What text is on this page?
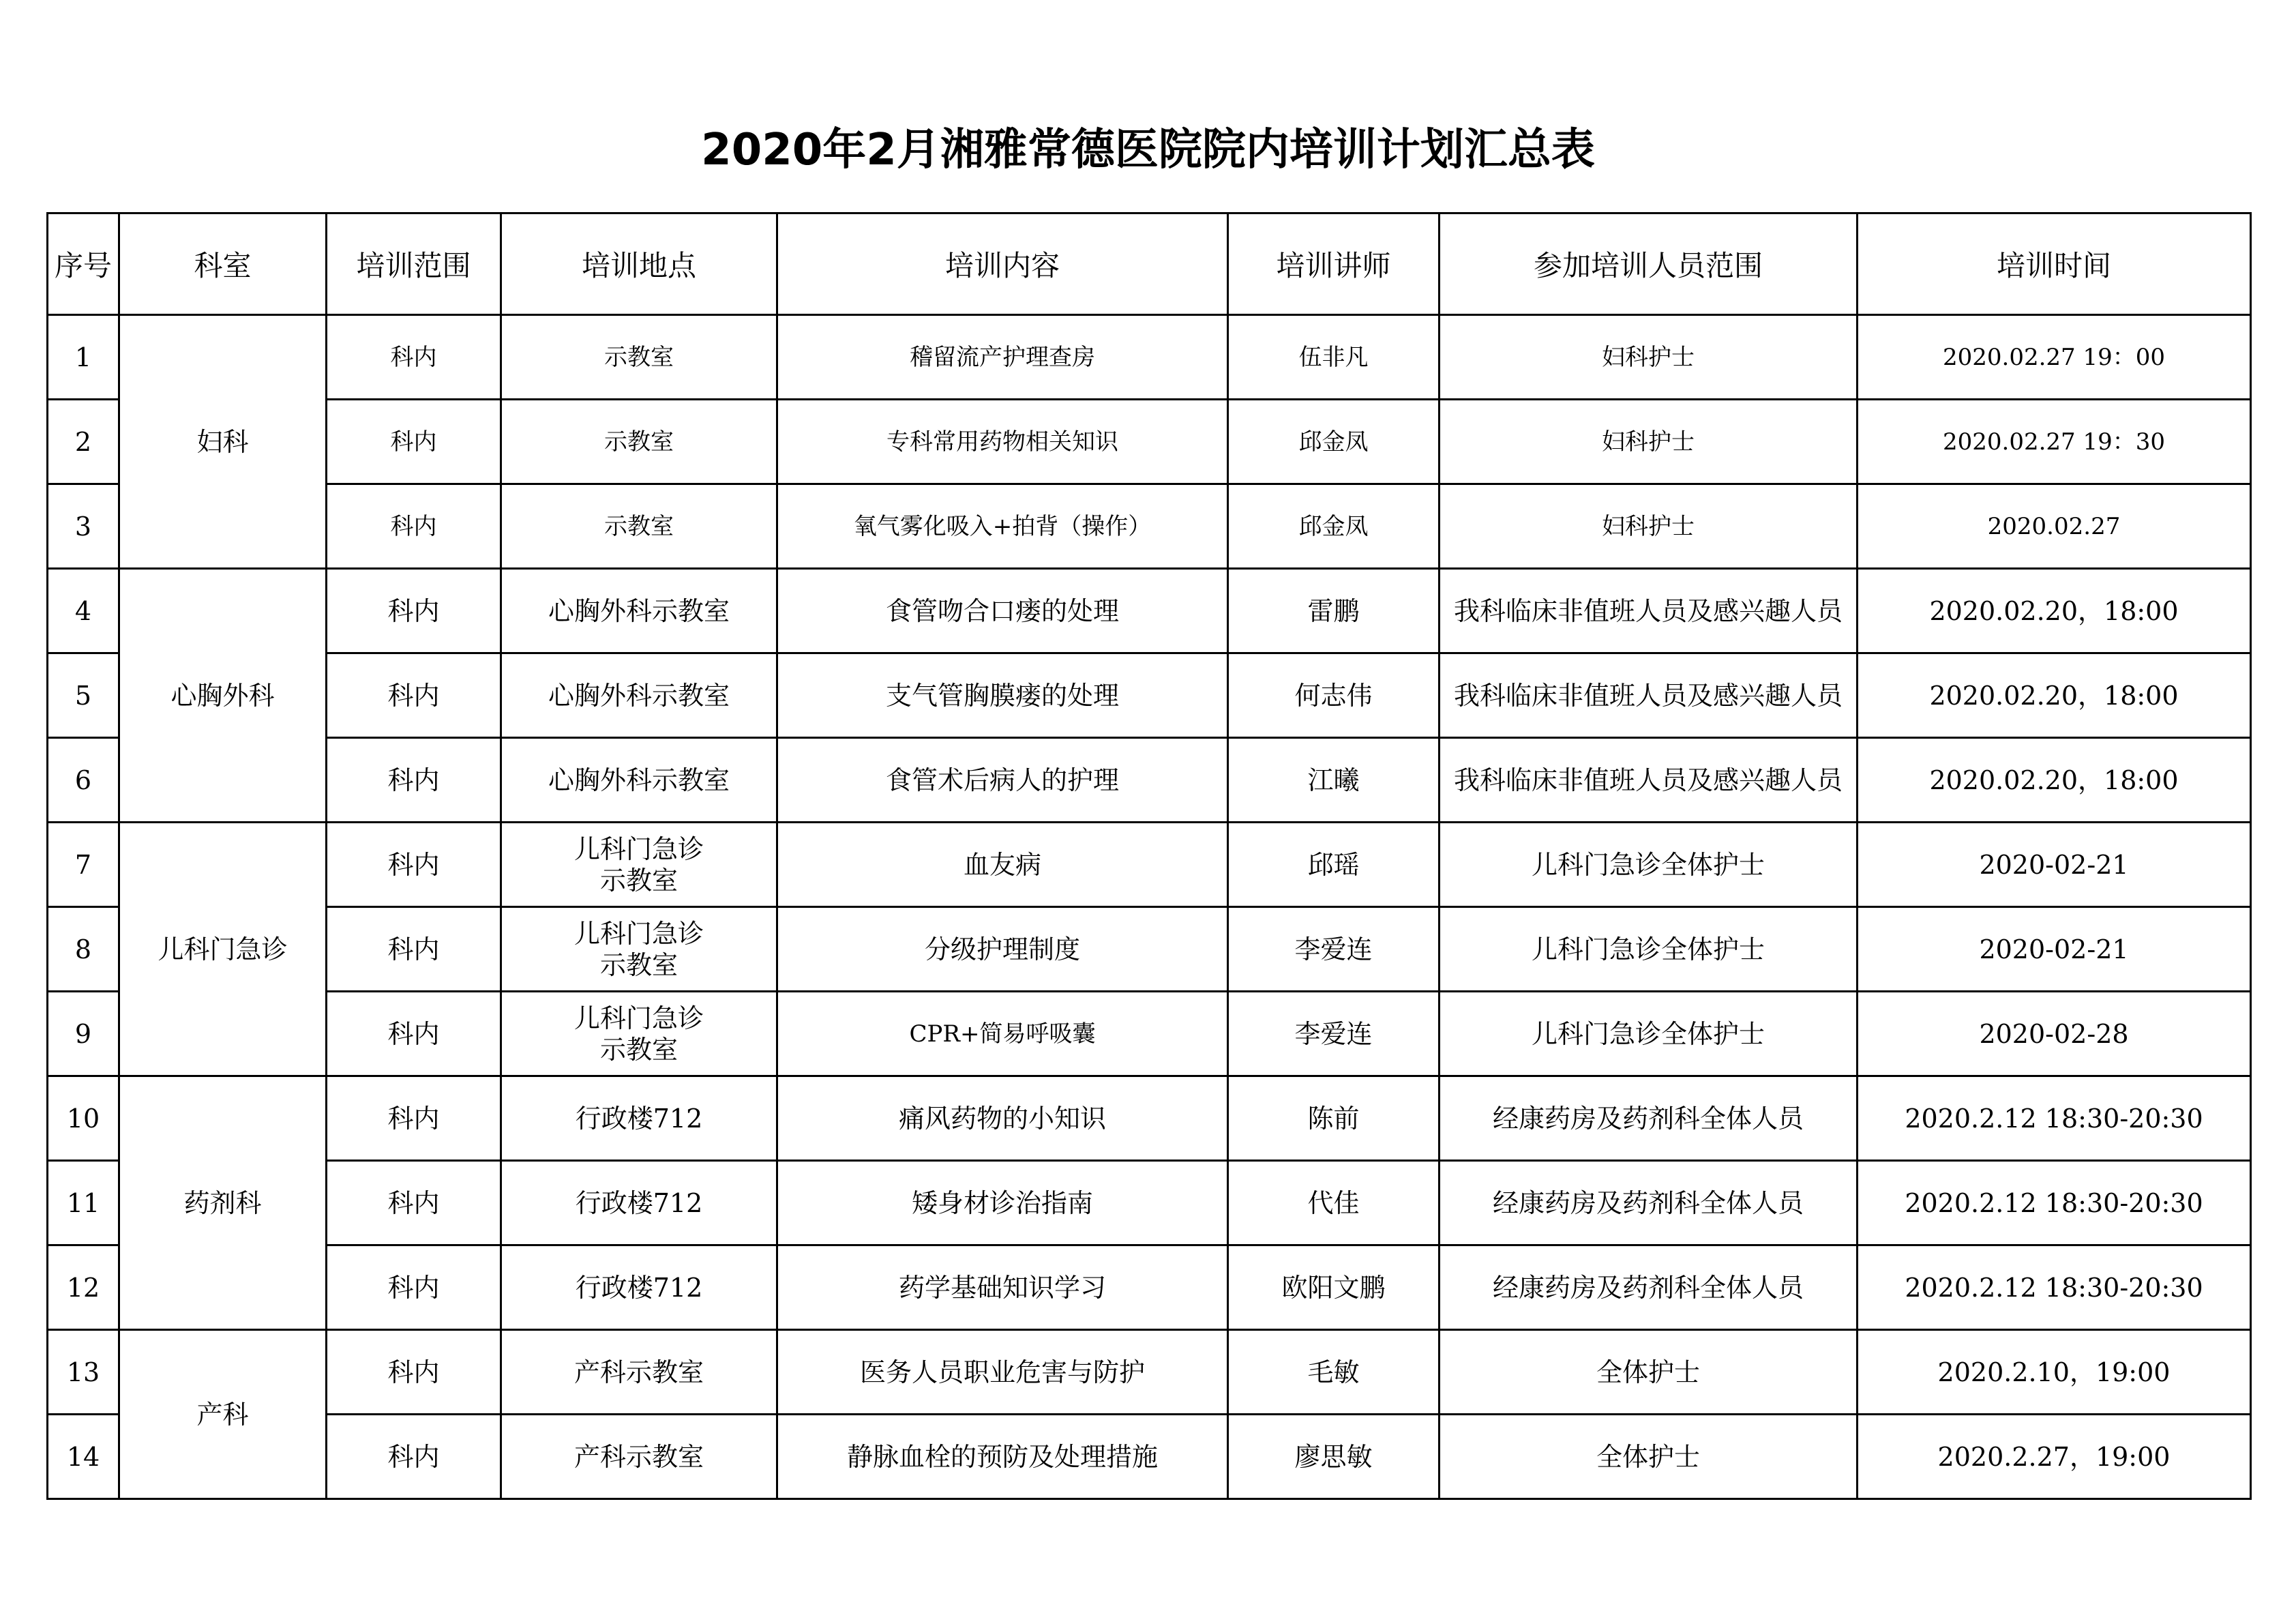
2020年2月湘雅常德医院院内培训计划汇总表
序号	科室	培训范围	培训地点	培训内容	培训讲师	参加培训人员范围	培训时间
1	妇科	科内	示教室	稽留流产护理查房	伍非凡	妇科护士	2020.02.27 19：00
2		科内	示教室	专科常用药物相关知识	邱金凤	妇科护士	2020.02.27 19：30
3		科内	示教室	氧气雾化吸入+拍背（操作）	邱金凤	妇科护士	2020.02.27
4	心胸外科	科内	心胸外科示教室	食管吻合口瘘的处理	雷鹏	我科临床非值班人员及感兴趣人员	2020.02.20，18:00
5		科内	心胸外科示教室	支气管胸膜瘘的处理	何志伟	我科临床非值班人员及感兴趣人员	2020.02.20，18:00
6		科内	心胸外科示教室	食管术后病人的护理	江曦	我科临床非值班人员及感兴趣人员	2020.02.20，18:00
7	儿科门急诊	科内	儿科门急诊示教室	血友病	邱瑶	儿科门急诊全体护士	2020-02-21
8		科内	儿科门急诊示教室	分级护理制度	李爱连	儿科门急诊全体护士	2020-02-21
9		科内	儿科门急诊示教室	CPR+简易呼吸囊	李爱连	儿科门急诊全体护士	2020-02-28
10	药剂科	科内	行政楼712	痛风药物的小知识	陈前	经康药房及药剂科全体人员	2020.2.12 18:30-20:30
11		科内	行政楼712	矮身材诊治指南	代佳	经康药房及药剂科全体人员	2020.2.12 18:30-20:30
12		科内	行政楼712	药学基础知识学习	欧阳文鹏	经康药房及药剂科全体人员	2020.2.12 18:30-20:30
13	产科	科内	产科示教室	医务人员职业危害与防护	毛敏	全体护士	2020.2.10，19:00
14		科内	产科示教室	静脉血栓的预防及处理措施	廖思敏	全体护士	2020.2.27，19:00
